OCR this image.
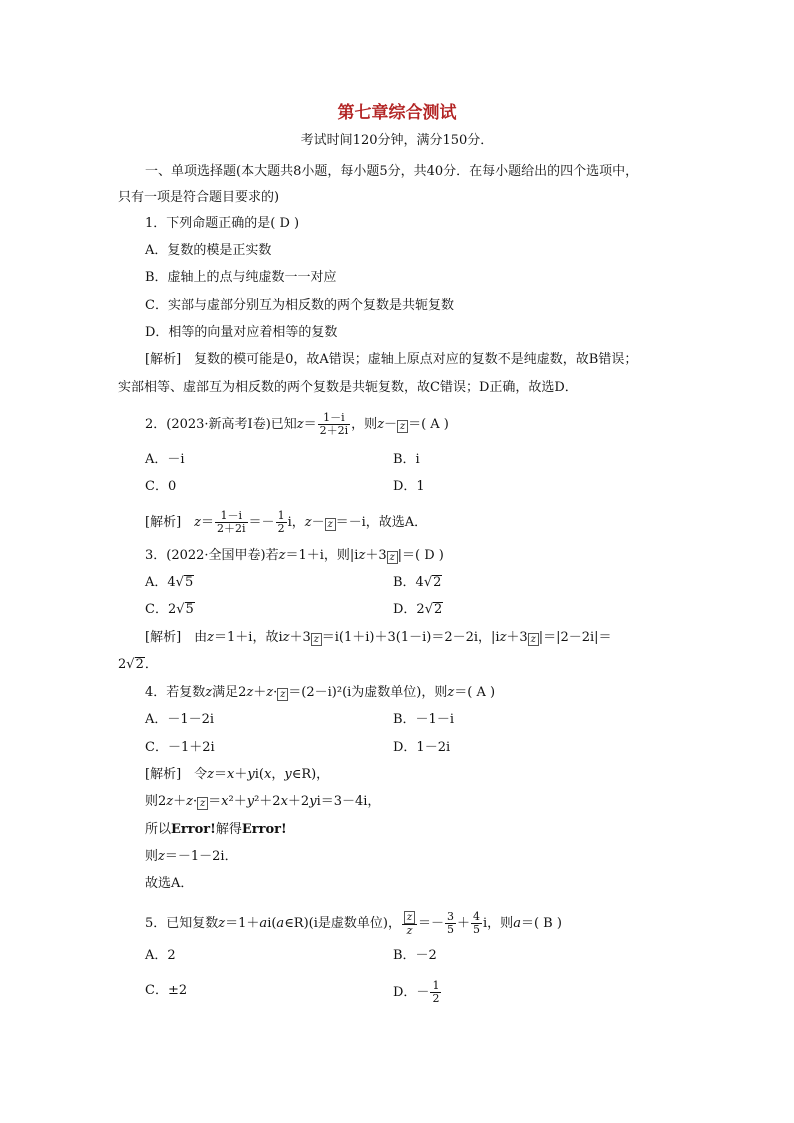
第七章综合测试
考试时间120分钟，满分150分．
一、单项选择题(本大题共8小题，每小题5分，共40分．在每小题给出的四个选项中，
只有一项是符合题目要求的)
1．下列命题正确的是( D )
A．复数的模是正实数
B．虚轴上的点与纯虚数一一对应
C．实部与虚部分别互为相反数的两个复数是共轭复数
D．相等的向量对应着相等的复数
[解析]　复数的模可能是0，故A错误；虚轴上原点对应的复数不是纯虚数，故B错误；
实部相等、虚部互为相反数的两个复数是共轭复数，故C错误；D正确，故选D．
2．(2023·新高考Ⅰ卷)已知$z= \frac{1-i}{2+2i}$ ，则z－ z ＝( A )
A．－i	B．i
C．0	D．1
[解析]　$z= \frac{1-i}{2+2i} =- \frac{1}{2}$ i，z－ z ＝－i，故选A．
3．(2022·全国甲卷)若z＝1＋i，则|iz＋3 z |＝( D )
A．4√5	B．4√2
C．2√5	D．2√2
[解析]　由z＝1＋i，故iz＋3 z ＝i(1＋i)＋3(1－i)＝2－2i，|iz＋3 z |＝|2－2i|＝
2√2．
4．若复数z满足2z＋z· z ＝(2－i)²(i为虚数单位)，则z＝( A )
A．－1－2i	B．－1－i
C．－1＋2i	D．1－2i
[解析]　令z＝x＋yi(x，y∈R)，
则2z＋z· z ＝x²＋y²＋2x＋2yi＝3－4i，
所以Error!解得Error!
则z＝－1－2i．
故选A．
5．已知复数z＝1＋ai(a∈R)(i是虚数单位)， $\frac{z}{z} =- \frac{3}{5} + \frac{4}{5}$ i，则a＝( B )
A．2	B．－2
C．±2	D．－ $\frac{1}{2}$
